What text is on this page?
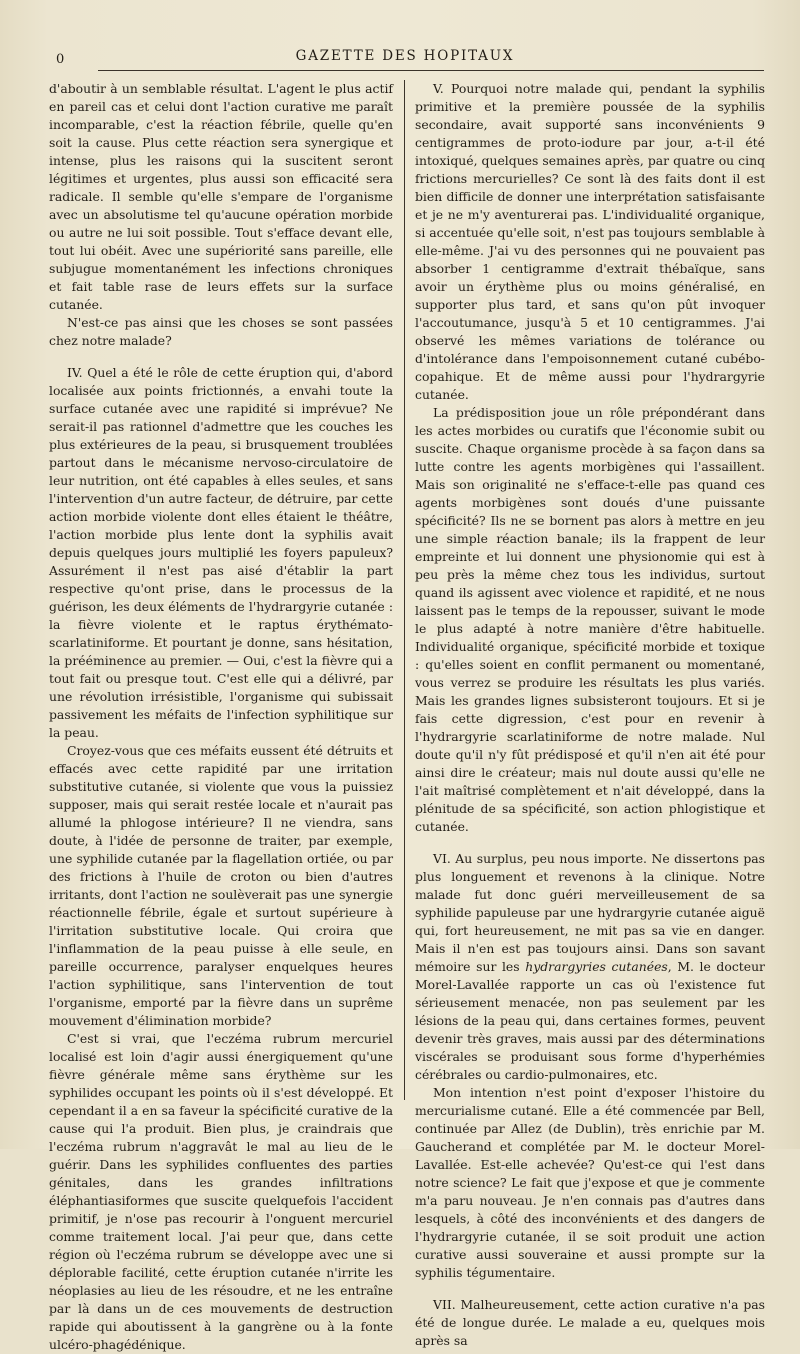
0	GAZETTE DES HOPITAUX

d'aboutir à un semblable résultat. L'agent le plus actif en pareil cas et celui dont l'action curative me paraît incomparable, c'est la réaction fébrile, quelle qu'en soit la cause. Plus cette réaction sera synergique et intense, plus les raisons qui la suscitent seront légitimes et urgentes, plus aussi son efficacité sera radicale. Il semble qu'elle s'empare de l'organisme avec un absolutisme tel qu'aucune opération morbide ou autre ne lui soit possible. Tout s'efface devant elle, tout lui obéit. Avec une supériorité sans pareille, elle subjugue momentanément les infections chroniques et fait table rase de leurs effets sur la surface cutanée.

N'est-ce pas ainsi que les choses se sont passées chez notre malade?

IV. Quel a été le rôle de cette éruption qui, d'abord localisée aux points frictionnés, a envahi toute la surface cutanée avec une rapidité si imprévue? Ne serait-il pas rationnel d'admettre que les couches les plus extérieures de la peau, si brusquement troublées partout dans le mécanisme nervoso-circulatoire de leur nutrition, ont été capables à elles seules, et sans l'intervention d'un autre facteur, de détruire, par cette action morbide violente dont elles étaient le théâtre, l'action morbide plus lente dont la syphilis avait depuis quelques jours multiplié les foyers papuleux? Assurément il n'est pas aisé d'établir la part respective qu'ont prise, dans le processus de la guérison, les deux éléments de l'hydrargyrie cutanée : la fièvre violente et le raptus érythémato-scarlatiniforme. Et pourtant je donne, sans hésitation, la prééminence au premier. — Oui, c'est la fièvre qui a tout fait ou presque tout. C'est elle qui a délivré, par une révolution irrésistible, l'organisme qui subissait passivement les méfaits de l'infection syphilitique sur la peau.

Croyez-vous que ces méfaits eussent été détruits et effacés avec cette rapidité par une irritation substitutive cutanée, si violente que vous la puissiez supposer, mais qui serait restée locale et n'aurait pas allumé la phlogose intérieure? Il ne viendra, sans doute, à l'idée de personne de traiter, par exemple, une syphilide cutanée par la flagellation ortiée, ou par des frictions à l'huile de croton ou bien d'autres irritants, dont l'action ne soulèverait pas une synergie réactionnelle fébrile, égale et surtout supérieure à l'irritation substitutive locale. Qui croira que l'inflammation de la peau puisse à elle seule, en pareille occurrence, paralyser enquelques heures l'action syphilitique, sans l'intervention de tout l'organisme, emporté par la fièvre dans un suprême mouvement d'élimination morbide?

C'est si vrai, que l'eczéma rubrum mercuriel localisé est loin d'agir aussi énergiquement qu'une fièvre générale même sans érythème sur les syphilides occupant les points où il s'est développé. Et cependant il a en sa faveur la spécificité curative de la cause qui l'a produit. Bien plus, je craindrais que l'eczéma rubrum n'aggravât le mal au lieu de le guérir. Dans les syphilides confluentes des parties génitales, dans les grandes infiltrations éléphantiasiformes que suscite quelquefois l'accident primitif, je n'ose pas recourir à l'onguent mercuriel comme traitement local. J'ai peur que, dans cette région où l'eczéma rubrum se développe avec une si déplorable facilité, cette éruption cutanée n'irrite les néoplasies au lieu de les résoudre, et ne les entraîne par là dans un de ces mouvements de destruction rapide qui aboutissent à la gangrène ou à la fonte ulcéro-phagédénique.

V. Pourquoi notre malade qui, pendant la syphilis primitive et la première poussée de la syphilis secondaire, avait supporté sans inconvénients 9 centigrammes de proto-iodure par jour, a-t-il été intoxiqué, quelques semaines après, par quatre ou cinq frictions mercurielles? Ce sont là des faits dont il est bien difficile de donner une interprétation satisfaisante et je ne m'y aventurerai pas. L'individualité organique, si accentuée qu'elle soit, n'est pas toujours semblable à elle-même. J'ai vu des personnes qui ne pouvaient pas absorber 1 centigramme d'extrait thébaïque, sans avoir un érythème plus ou moins généralisé, en supporter plus tard, et sans qu'on pût invoquer l'accoutumance, jusqu'à 5 et 10 centigrammes. J'ai observé les mêmes variations de tolérance ou d'intolérance dans l'empoisonnement cutané cubébo-copahique. Et de même aussi pour l'hydrargyrie cutanée.

La prédisposition joue un rôle prépondérant dans les actes morbides ou curatifs que l'économie subit ou suscite. Chaque organisme procède à sa façon dans sa lutte contre les agents morbigènes qui l'assaillent. Mais son originalité ne s'efface-t-elle pas quand ces agents morbigènes sont doués d'une puissante spécificité? Ils ne se bornent pas alors à mettre en jeu une simple réaction banale; ils la frappent de leur empreinte et lui donnent une physionomie qui est à peu près la même chez tous les individus, surtout quand ils agissent avec violence et rapidité, et ne nous laissent pas le temps de la repousser, suivant le mode le plus adapté à notre manière d'être habituelle. Individualité organique, spécificité morbide et toxique : qu'elles soient en conflit permanent ou momentané, vous verrez se produire les résultats les plus variés. Mais les grandes lignes subsisteront toujours. Et si je fais cette digression, c'est pour en revenir à l'hydrargyrie scarlatiniforme de notre malade. Nul doute qu'il n'y fût prédisposé et qu'il n'en ait été pour ainsi dire le créateur; mais nul doute aussi qu'elle ne l'ait maîtrisé complètement et n'ait développé, dans la plénitude de sa spécificité, son action phlogistique et cutanée.

VI. Au surplus, peu nous importe. Ne dissertons pas plus longuement et revenons à la clinique. Notre malade fut donc guéri merveilleusement de sa syphilide papuleuse par une hydrargyrie cutanée aiguë qui, fort heureusement, ne mit pas sa vie en danger. Mais il n'en est pas toujours ainsi. Dans son savant mémoire sur les hydrargyries cutanées, M. le docteur Morel-Lavallée rapporte un cas où l'existence fut sérieusement menacée, non pas seulement par les lésions de la peau qui, dans certaines formes, peuvent devenir très graves, mais aussi par des déterminations viscérales se produisant sous forme d'hyperhémies cérébrales ou cardio-pulmonaires, etc.

Mon intention n'est point d'exposer l'histoire du mercurialisme cutané. Elle a été commencée par Bell, continuée par Allez (de Dublin), très enrichie par M. Gaucherand et complétée par M. le docteur Morel-Lavallée. Est-elle achevée? Qu'est-ce qui l'est dans notre science? Le fait que j'expose et que je commente m'a paru nouveau. Je n'en connais pas d'autres dans lesquels, à côté des inconvénients et des dangers de l'hydrargyrie cutanée, il se soit produit une action curative aussi souveraine et aussi prompte sur la syphilis tégumentaire.

VII. Malheureusement, cette action curative n'a pas été de longue durée. Le malade a eu, quelques mois après sa
